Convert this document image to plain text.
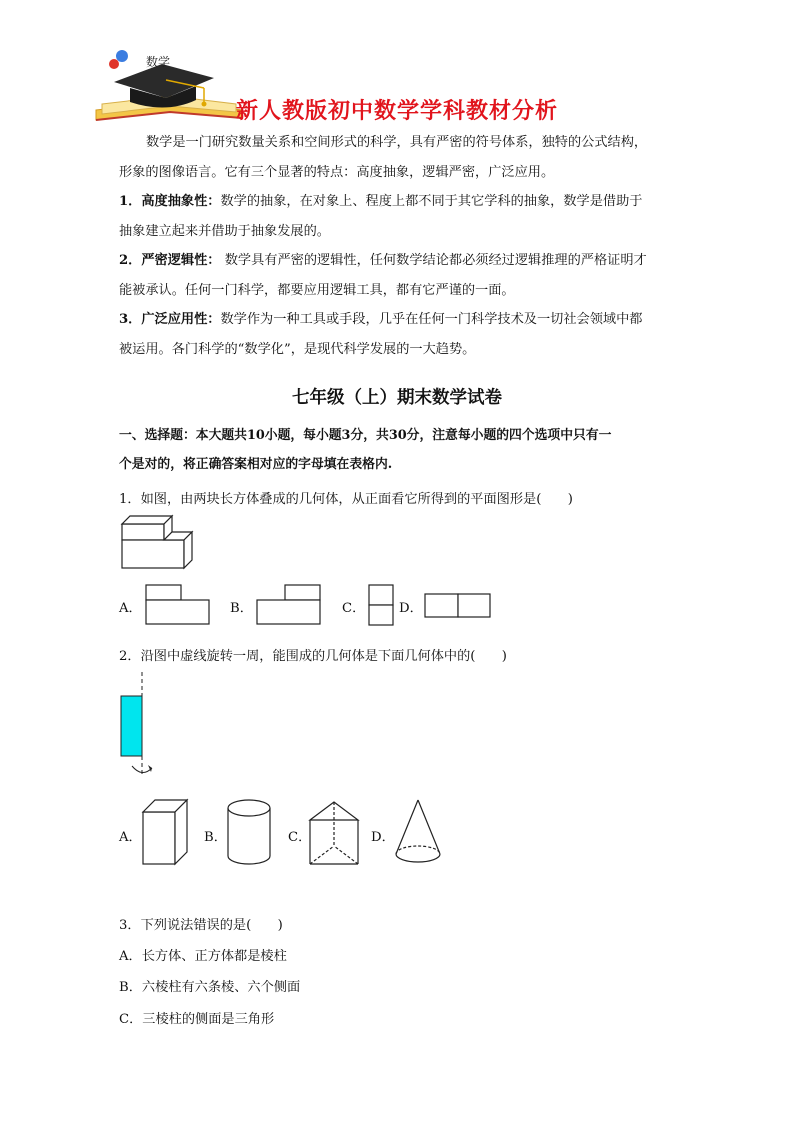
数学
新人教版初中数学学科教材分析
数学是一门研究数量关系和空间形式的科学，具有严密的符号体系，独特的公式结构，
形象的图像语言。它有三个显著的特点：高度抽象，逻辑严密，广泛应用。
1．高度抽象性：数学的抽象，在对象上、程度上都不同于其它学科的抽象，数学是借助于
抽象建立起来并借助于抽象发展的。
2．严密逻辑性： 数学具有严密的逻辑性，任何数学结论都必须经过逻辑推理的严格证明才
能被承认。任何一门科学，都要应用逻辑工具，都有它严谨的一面。
3．广泛应用性：数学作为一种工具或手段，几乎在任何一门科学技术及一切社会领域中都
被运用。各门科学的“数学化”，是现代科学发展的一大趋势。
七年级（上）期末数学试卷
一、选择题：本大题共10小题，每小题3分，共30分，注意每小题的四个选项中只有一
个是对的，将正确答案相对应的字母填在表格内.
1．如图，由两块长方体叠成的几何体，从正面看它所得到的平面图形是(　　)
A．	B．	C．	D．
2．沿图中虚线旋转一周，能围成的几何体是下面几何体中的(　　)
A．	B．	C．	D．
3．下列说法错误的是(　　)
A．长方体、正方体都是棱柱
B．六棱柱有六条棱、六个侧面
C．三棱柱的侧面是三角形
